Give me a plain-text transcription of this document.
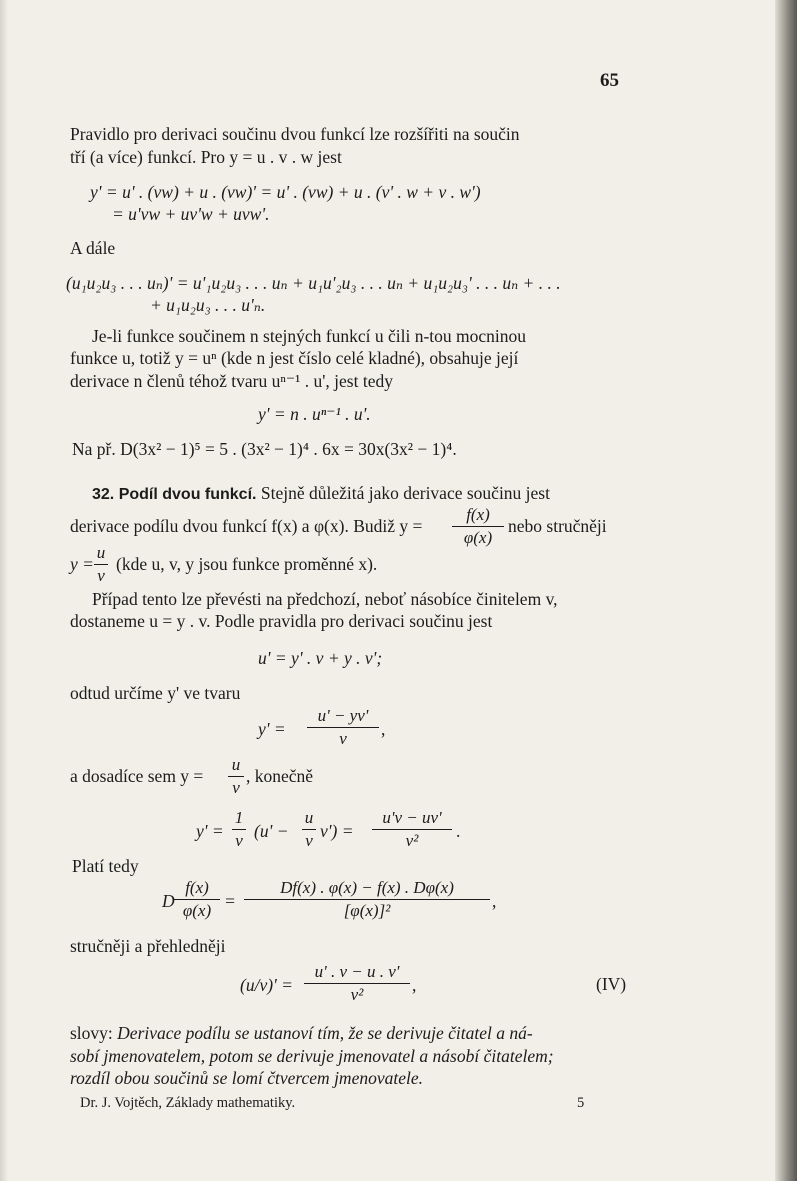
65
Pravidlo pro derivaci součinu dvou funkcí lze rozšířiti na součin
tří (a více) funkcí. Pro y = u . v . w jest
y' = u' . (vw) + u . (vw)' = u' . (vw) + u . (v' . w + v . w')
= u'vw + uv'w + uvw'.
A dále
(u₁u₂u₃ . . . uₙ)' = u'₁u₂u₃ . . . uₙ + u₁u'₂u₃ . . . uₙ + u₁u₂u₃' . . . uₙ + . . .
+ u₁u₂u₃ . . . u'ₙ.
Je-li funkce součinem n stejných funkcí u čili n-tou mocninou
funkce u, totiž y = uⁿ (kde n jest číslo celé kladné), obsahuje její
derivace n členů téhož tvaru uⁿ⁻¹ . u', jest tedy
y' = n . uⁿ⁻¹ . u'.
Na př. D(3x² − 1)⁵ = 5 . (3x² − 1)⁴ . 6x = 30x(3x² − 1)⁴.
32. Podíl dvou funkcí. Stejně důležitá jako derivace součinu jest
derivace podílu dvou funkcí f(x) a φ(x). Budiž $y = \frac{f(x)}{\varphi(x)}$ nebo stručněji
$y = \frac{u}{v} (kde$ u, v, y jsou funkce proměnné x).
Případ tento lze převésti na předchozí, neboť násobíce činitelem v,
dostaneme u = y . v. Podle pravidla pro derivaci součinu jest
u' = y' . v + y . v';
odtud určíme y' ve tvaru
$y' = \frac{u' - yv'}{v}$ ,
a dosadíce sem $y = \frac{u}{v}$ , konečně
$y' = \frac{1}{v} (u' - \frac{u}{v} v') = \frac{u'v - uv'}{\text{v²}}$ .
Platí tedy
D $\frac{f(x)}{\varphi(x)} = \frac{Df(x) . \varphi(x) - f(x) . D\varphi(x)}{\text{[φ(x)]²}}$ ,
stručněji a přehledněji
$(u/v)' = \frac{u' . v - u . v'}{\text{v²}}$ ,	(IV)
slovy: Derivace podílu se ustanoví tím, že se derivuje čitatel a ná-
sobí jmenovatelem, potom se derivuje jmenovatel a násobí čitatelem;
rozdíl obou součinů se lomí čtvercem jmenovatele.
Dr. J. Vojtěch, Základy mathematiky.	5
